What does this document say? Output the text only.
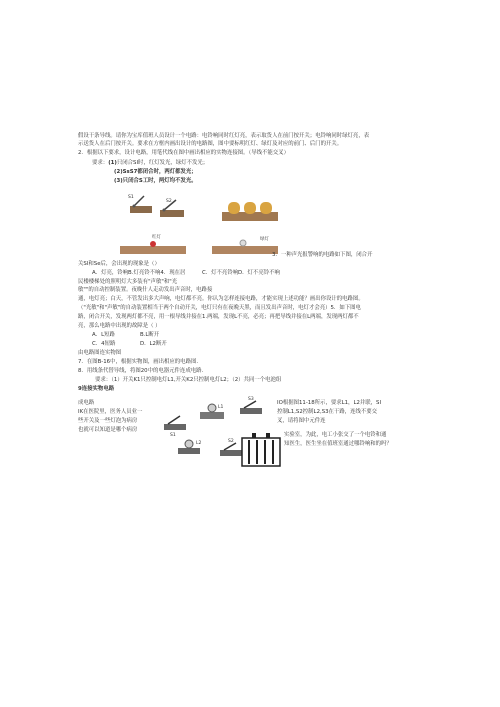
假设干条导线。请你为宝库值班人员设计一个电路：电铃响同时红灯亮，表示取货人在前门按开关；电铃响同时绿灯亮，表
示送货人在后门按开关。要求在方框内画出设计的电路图，图中要标明红灯、绿灯及对应的前门、后门的开关。
2．根据以下要求，设计电路，用笔代线在图中画出相应的实物连接图。（导线不能交叉）
要求：(1)只闭合SI时，红灯发光，绿灯不发光；
(2)SsS7都闭合时，两灯都发光；
(3)只闭合S工时，两灯均不发光。
S1
S2
红灯	绿灯
3．一种声光报警响的电路如下图，闭合开
关SI和Se后，会出现的现象是（）
A．灯亮，铃响B.灯亮铃不响4．现在居	C．灯不亮铃响 D．灯不亮铃不响
民楼楼梯处的照明灯大多装有"声敏"和"光
敏""的自动控制装置。夜晚什人走动发出声音时，电路接
通，电灯亮；白天，不管发出多大声响，电灯都不亮。你认为怎样连接电路，才能实现上述功能？画出你设计的电路图。
（"光敏"和"声敏"的自动装置相当于两个自动开关，电灯只有在夜晚天黑，而且发出声音时，电灯才会亮）5．如下图电
路，闭合开关，发现两灯都不亮，用一根导线并接在1.两端，发现L不亮，必亮；再把导线并接在L两端，发现两灯都不
亮，那么电路中出现的故障是（ ）
A．L短路	B.L断开
C．4短路	D．L2断开
由电路图连实物图
7．在图B-16中，根据实物图，画出相应的电路图.
8．用线条代替导线，将图20中的电器元件连成电路.
要求：（1）开关K1只控制电灯L1,开关K2只控制电灯L2；（2）共同一个电池组
9连接实物电路
成电路
IK在医院里，医务人员业一
些开关及一些灯泡为病房
也就可以知道是哪个病房
S1
L1
S3
L2	S2
IO根据图11-18所示，要求L1，L2并联，SI
控制L1,S2控制L2,S3在干路，连线不要交
叉，请将图中元件连
实验室，为此，电工小张交了一个电铃和通
知医生，医生坐在值班室通过哪铃响和的吗？
